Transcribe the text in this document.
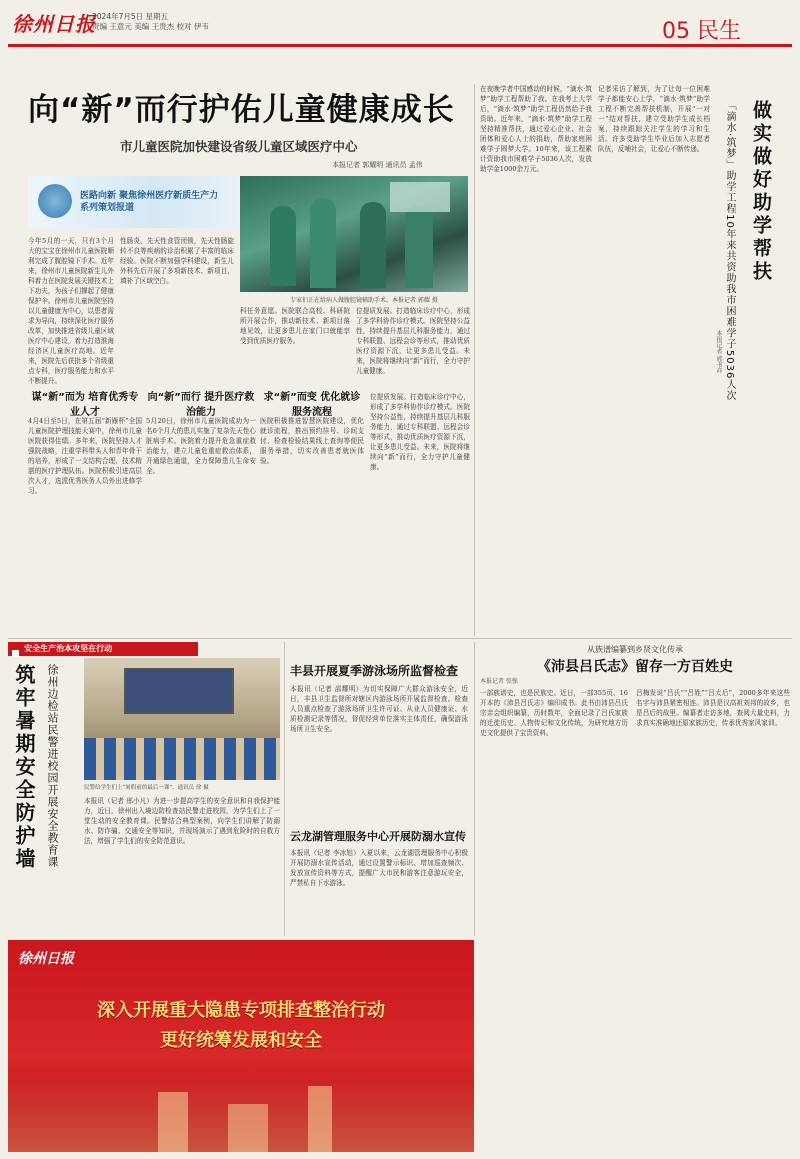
徐州日报
2024年7月5日 星期五
责编 王意元 美编 王贵杰 校对 伊韦	05 民生
向“新”而行护佑儿童健康成长
市儿童医院加快建设省级儿童区域医疗中心
本报记者 郭耀明 通讯员 孟伟
医路向新 聚焦徐州医疗新质生产力 系列策划报道
专家们正在给病人做腹腔镜辅助手术。本报记者 郭耀 摄
今年5月的一天，只有3个月大的宝宝在徐州市儿童医院顺利完成了腹腔镜下手术。近年来，徐州市儿童医院新生儿外科着力在医院发展关键技术上下功夫，为孩子们撑起了健康保护伞。徐州市儿童医院坚持以儿童健康为中心，以患者需求为导向，持续深化医疗服务改革，加快推进省级儿童区域医疗中心建设，着力打造淮海经济区儿童医疗高地。近年来，医院先后获批多个省级重点专科，医疗服务能力和水平不断提升。
性肠炎，先天性食管闭锁，先天性肠旋转不良等疾病的诊治积累了丰富的临床经验。医院不断加强学科建设，新生儿外科先后开展了多项新技术、新项目，填补了区域空白。
科任务意愿。医院联合高校、科研院所开展合作，推动新技术、新项目落地见效，让更多患儿在家门口就能享受到优质医疗服务。
位提质发展。打造临床诊疗中心，形成了多学科协作诊疗模式。医院坚持公益性，持续提升基层儿科服务能力，通过专科联盟、远程会诊等形式，推动优质医疗资源下沉，让更多患儿受益。未来，医院将继续向“新”而行，全力守护儿童健康。
谋“新”而为 培育优秀专业人才
4月4日至5日，在第五届“新雁杯”全国儿童医院护理技能大赛中，徐州市儿童医院获得佳绩。多年来，医院坚持人才强院战略，注重学科带头人和青年骨干的培养，形成了一支结构合理、技术精湛的医疗护理队伍。医院积极引进高层次人才，选派优秀医务人员外出进修学习。
向“新”而行 提升医疗救治能力
5月20日，徐州市儿童医院成功为一名6个月大的患儿实施了复杂先天性心脏病手术。医院着力提升危急重症救治能力，建立儿童危重症救治体系，开通绿色通道，全力保障患儿生命安全。
求“新”而变 优化就诊服务流程
医院积极推进智慧医院建设，优化就诊流程，推出预约挂号、诊间支付、检查检验结果线上查询等便民服务举措，切实改善患者就医体验。
位提质发展。打造临床诊疗中心，形成了多学科协作诊疗模式。医院坚持公益性，持续提升基层儿科服务能力，通过专科联盟、远程会诊等形式，推动优质医疗资源下沉，让更多患儿受益。未来，医院将继续向“新”而行，全力守护儿童健康。
在夜晚学者中国感动的时候，“滴水·筑梦”助学工程帮助了我。在我考上大学后，“滴水·筑梦”助学工程仍然给予我资助。近年来，“滴水·筑梦”助学工程坚持精准帮扶，通过爱心企业、社会团体和爱心人士的捐助，帮助家庭困难学子圆梦大学。10年来，该工程累计资助我市困难学子5036人次，发放助学金1000余万元。
记者采访了解到，为了让每一位困难学子都能安心上学，“滴水·筑梦”助学工程不断完善帮扶机制，开展“一对一”结对帮扶，建立受助学生成长档案，持续跟踪关注学生的学习和生活。许多受助学生毕业后加入志愿者队伍，反哺社会，让爱心不断传递。	做实做好助学帮扶
「滴水·筑梦」助学工程10年来共资助我市困难学子5036人次
本报记者 郭书祥
$^{安全生产治本攻坚在行动}$
筑牢暑期安全防护墙 徐州边检站民警进校园开展安全教育课	民警给学生们上“暑假前的最后一课”。通讯员 徐 摄
本报讯（记者 邢小凡）为进一步提高学生的安全意识和自我保护能力，近日，徐州出入境边防检查站民警走进校园，为学生们上了一堂生动的安全教育课。民警结合典型案例，向学生们讲解了防溺水、防诈骗、交通安全等知识，并现场演示了遇到危险时的自救方法，增强了学生们的安全防范意识。
丰县开展夏季游泳场所监督检查
本报讯（记者 邵耀明）为切实保障广大群众游泳安全，近日，丰县卫生监督所对辖区内游泳场所开展监督检查。检查人员重点检查了游泳场所卫生许可证、从业人员健康证、水质检测记录等情况，督促经营单位落实主体责任，确保游泳场所卫生安全。
云龙湖管理服务中心开展防溺水宣传
本报讯（记者 李冰旭）入夏以来，云龙湖管理服务中心积极开展防溺水宣传活动，通过设置警示标识、增加巡查频次、发放宣传资料等方式，提醒广大市民和游客注意游玩安全，严禁私自下水游泳。
从族谱编纂到乡贤文化传承
《沛县吕氏志》留存一方百姓史
本报记者 张强
一部族谱史，也是民族史。近日，一部355页、16开本的《沛县吕氏志》编印成书。此书由沛县吕氏宗亲会组织编纂，历时数年，全面记录了吕氏家族的迁徙历史、人物传记和文化传统，为研究地方历史文化提供了宝贵资料。
吕梅发说“吕氏”“吕姓”“吕太后”，2000多年来这些名字与沛县紧密相连。沛县是汉高祖刘邦的故乡，也是吕后的故里。编纂者走访多地，查阅大量史料，力求真实准确地还原家族历史，传承优秀家风家训。
徐州日报
深入开展重大隐患专项排查整治行动
更好统筹发展和安全
